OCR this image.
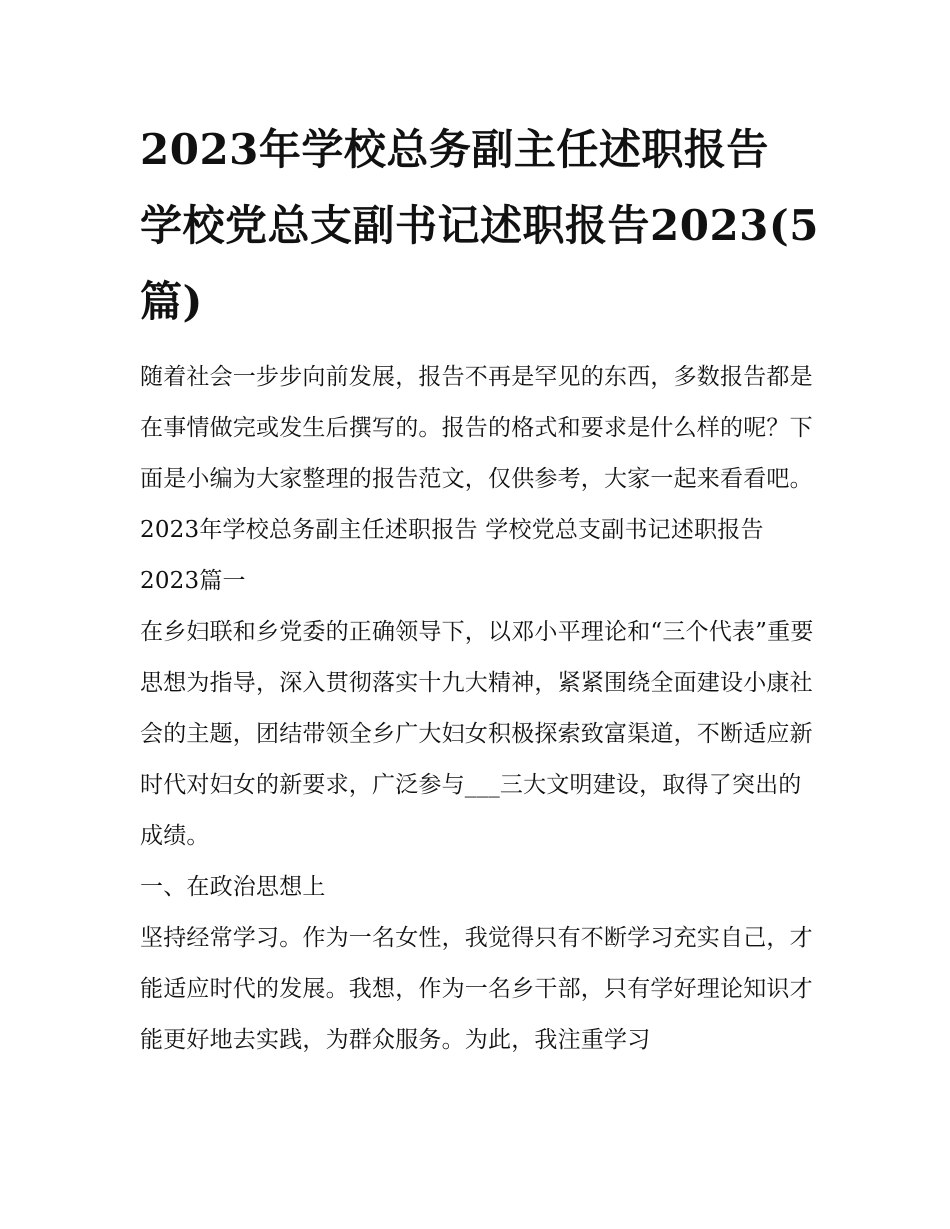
2023年学校总务副主任述职报告 学校党总支副书记述职报告2023(5篇)

随着社会一步步向前发展，报告不再是罕见的东西，多数报告都是在事情做完或发生后撰写的。报告的格式和要求是什么样的呢？下面是小编为大家整理的报告范文，仅供参考，大家一起来看看吧。

2023年学校总务副主任述职报告 学校党总支副书记述职报告2023篇一

在乡妇联和乡党委的正确领导下，以邓小平理论和“三个代表”重要思想为指导，深入贯彻落实十九大精神，紧紧围绕全面建设小康社会的主题，团结带领全乡广大妇女积极探索致富渠道，不断适应新时代对妇女的新要求，广泛参与___三大文明建设，取得了突出的成绩。

一、在政治思想上

坚持经常学习。作为一名女性，我觉得只有不断学习充实自己，才能适应时代的发展。我想，作为一名乡干部，只有学好理论知识才能更好地去实践，为群众服务。为此，我注重学习
